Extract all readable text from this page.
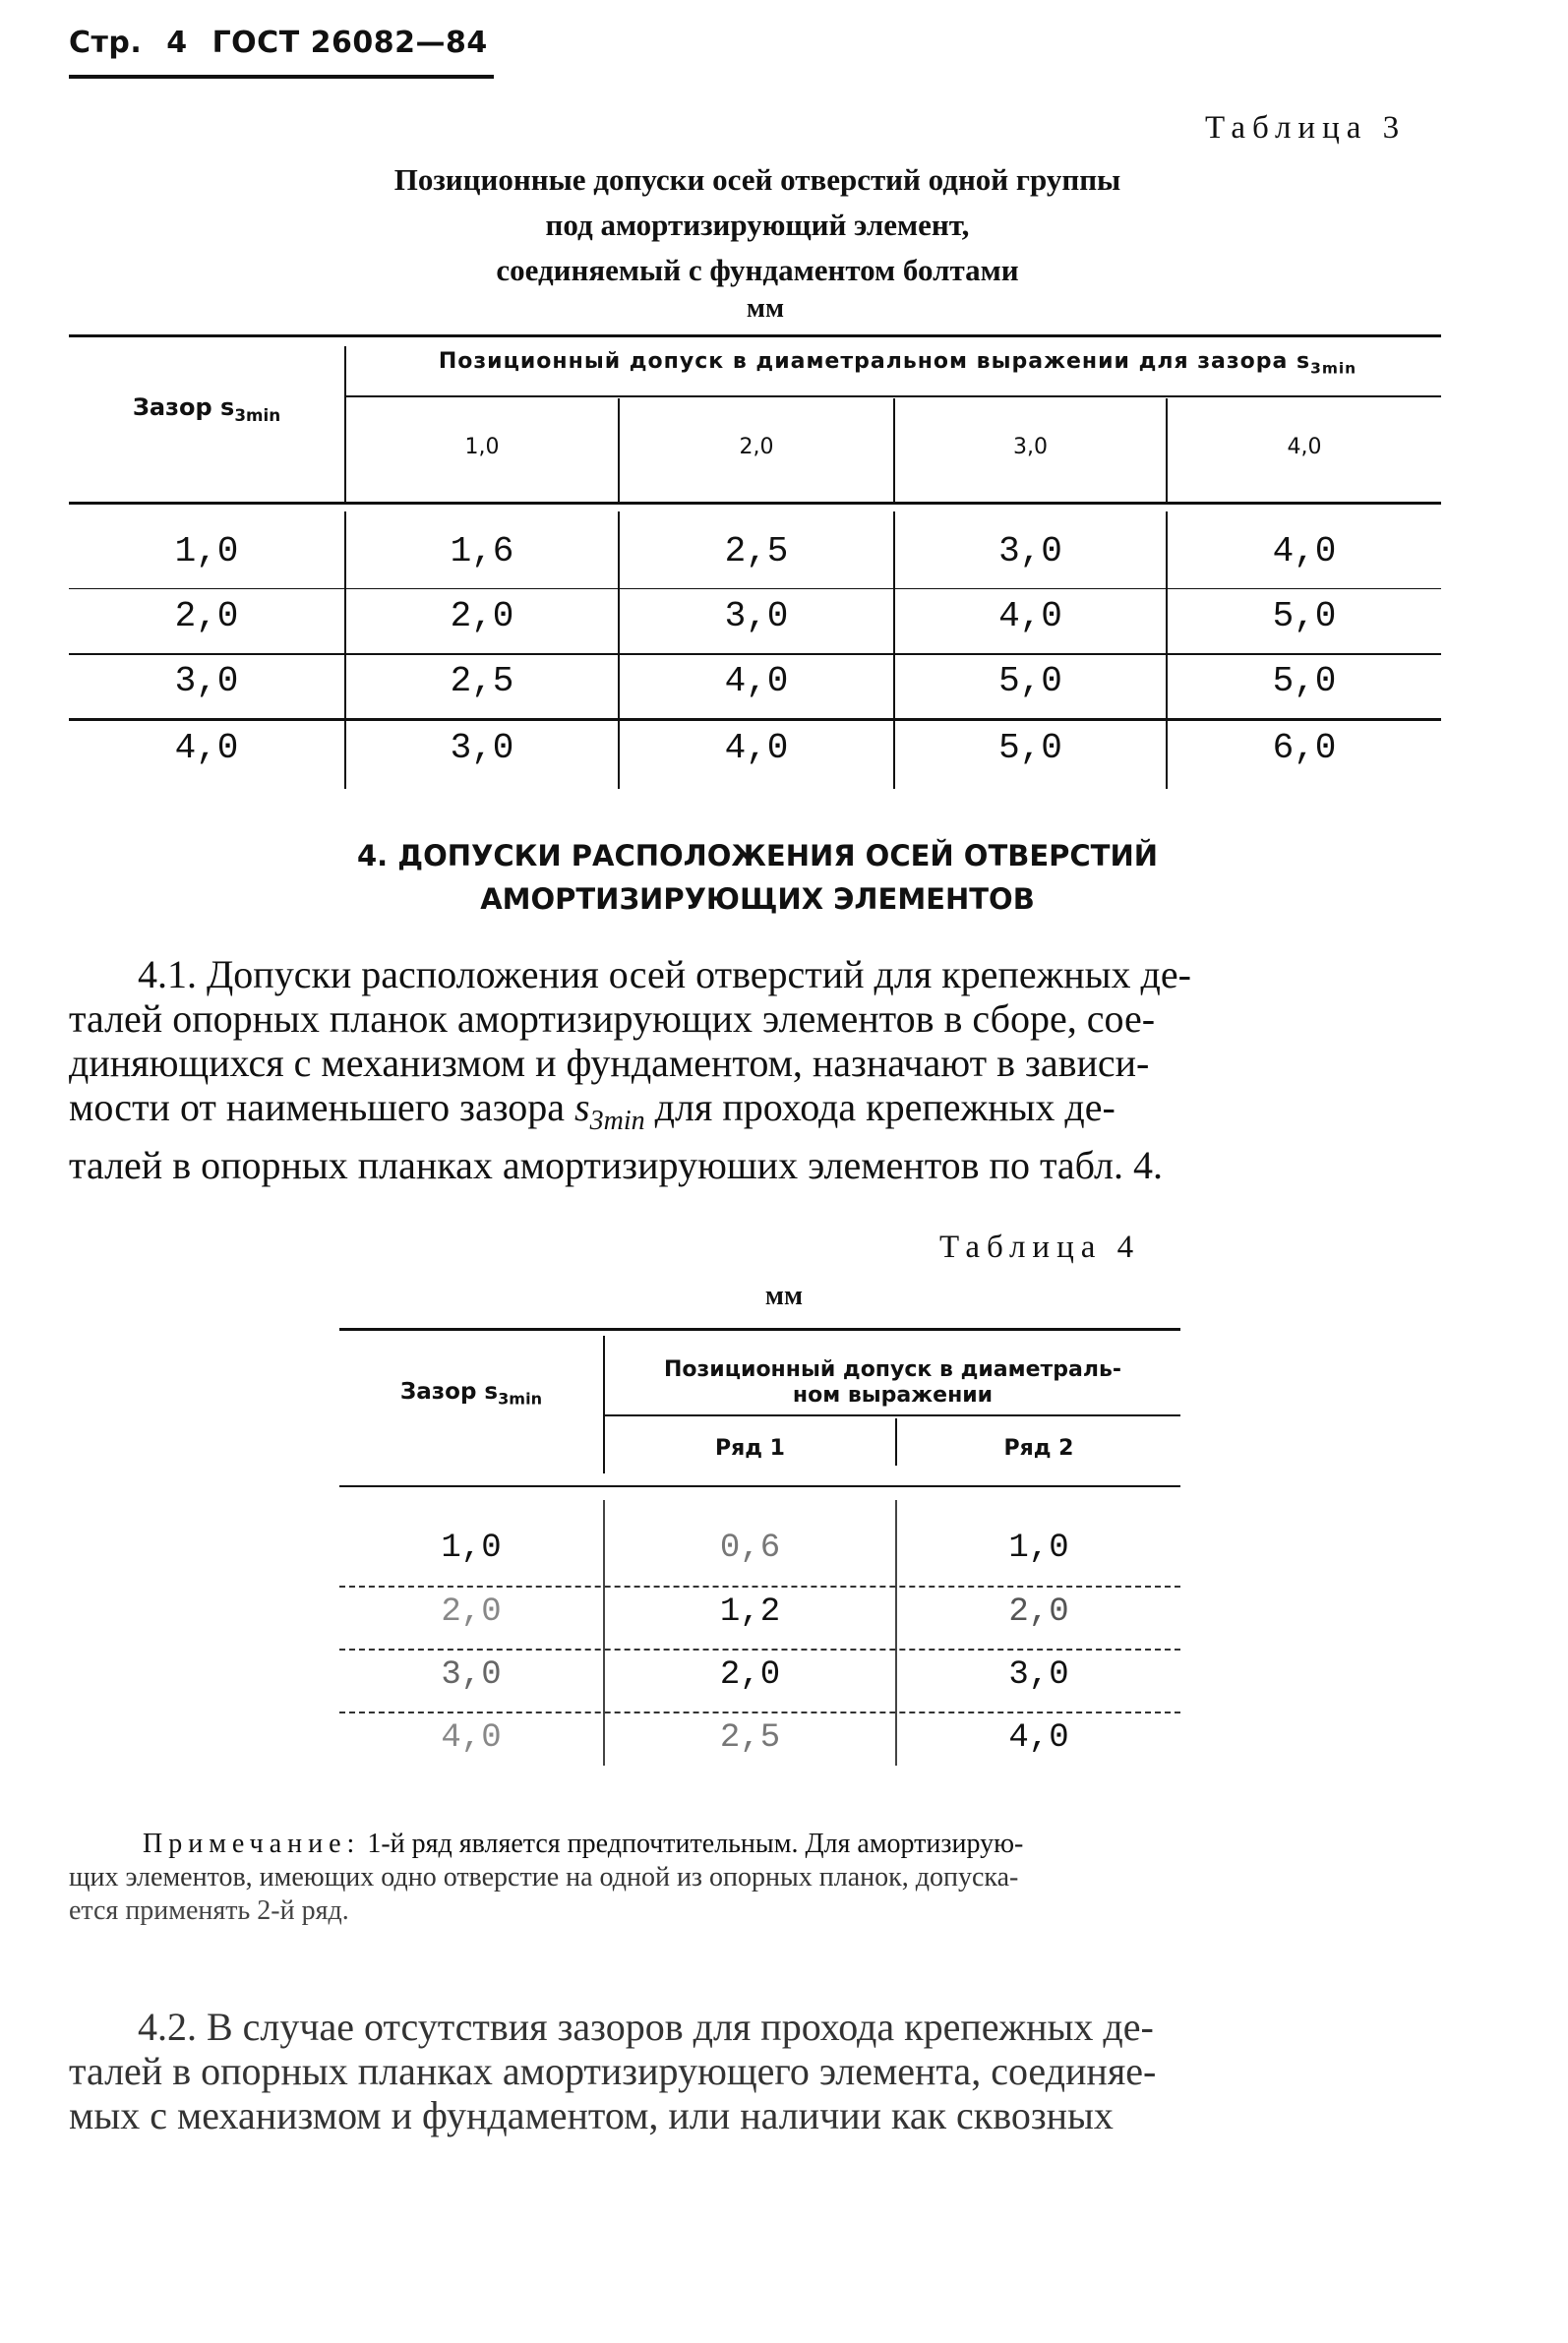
Стр. 4 ГОСТ 26082—84
Таблица 3
Позиционные допуски осей отверстий одной группы
под амортизирующий элемент,
соединяемый с фундаментом болтами
мм
Зазор $s_{3min}$
Позиционный допуск в диаметральном выражении для зазора $s_{3min}$
1,0	2,0	3,0	4,0
1,0	1,6	2,5	3,0	4,0
2,0	2,0	3,0	4,0	5,0
3,0	2,5	4,0	5,0	5,0
4,0	3,0	4,0	5,0	6,0
4. ДОПУСКИ РАСПОЛОЖЕНИЯ ОСЕЙ ОТВЕРСТИЙ
АМОРТИЗИРУЮЩИХ ЭЛЕМЕНТОВ
4.1. Допуски расположения осей отверстий для крепежных де-
талей опорных планок амортизирующих элементов в сборе, сое-
диняющихся с механизмом и фундаментом, назначают в зависи-
мости от наименьшего зазора $s_{3min}$ для прохода крепежных де-
талей в опорных планках амортизируюших элементов по табл. 4.
Таблица 4
мм
Зазор $s_{3min}$
Позиционный допуск в диаметраль-
ном выражении
Ряд 1	Ряд 2
1,0	0,6	1,0
2,0	1,2	2,0
3,0	2,0	3,0
4,0	2,5	4,0
Примечание: 1-й ряд является предпочтительным. Для амортизирую-
щих элементов, имеющих одно отверстие на одной из опорных планок, допуска-
ется применять 2-й ряд.
4.2. В случае отсутствия зазоров для прохода крепежных де-
талей в опорных планках амортизирующего элемента, соединяе-
мых с механизмом и фундаментом, или наличии как сквозных
